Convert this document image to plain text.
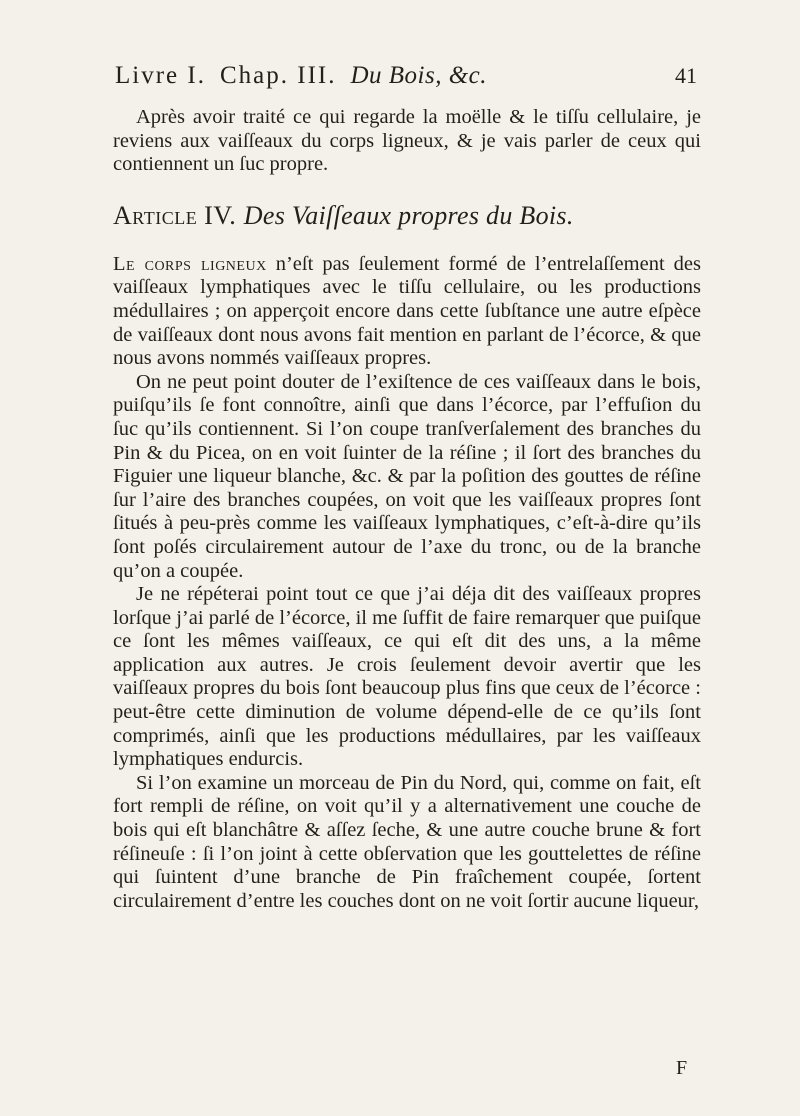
Livre I. Chap. III. Du Bois, &c.	41

Après avoir traité ce qui regarde la moëlle & le tiſſu cellulaire, je reviens aux vaiſſeaux du corps ligneux, & je vais parler de ceux qui contiennent un ſuc propre.

Article IV. Des Vaiſſeaux propres du Bois.

Le corps ligneux n’eſt pas ſeulement formé de l’entrelaſſement des vaiſſeaux lymphatiques avec le tiſſu cellulaire, ou les productions médullaires ; on apperçoit encore dans cette ſubſtance une autre eſpèce de vaiſſeaux dont nous avons fait mention en parlant de l’écorce, & que nous avons nommés vaiſſeaux propres.

On ne peut point douter de l’exiſtence de ces vaiſſeaux dans le bois, puiſqu’ils ſe font connoître, ainſi que dans l’écorce, par l’effuſion du ſuc qu’ils contiennent. Si l’on coupe tranſverſalement des branches du Pin & du Picea, on en voit ſuinter de la réſine ; il ſort des branches du Figuier une liqueur blanche, &c. & par la poſition des gouttes de réſine ſur l’aire des branches coupées, on voit que les vaiſſeaux propres ſont ſitués à peu-près comme les vaiſſeaux lymphatiques, c’eſt-à-dire qu’ils ſont poſés circulairement autour de l’axe du tronc, ou de la branche qu’on a coupée.

Je ne répéterai point tout ce que j’ai déja dit des vaiſſeaux propres lorſque j’ai parlé de l’écorce, il me ſuffit de faire remarquer que puiſque ce ſont les mêmes vaiſſeaux, ce qui eſt dit des uns, a la même application aux autres. Je crois ſeulement devoir avertir que les vaiſſeaux propres du bois ſont beaucoup plus fins que ceux de l’écorce : peut-être cette diminution de volume dépend-elle de ce qu’ils ſont comprimés, ainſi que les productions médullaires, par les vaiſſeaux lymphatiques endurcis.

Si l’on examine un morceau de Pin du Nord, qui, comme on fait, eſt fort rempli de réſine, on voit qu’il y a alternativement une couche de bois qui eſt blanchâtre & aſſez ſeche, & une autre couche brune & fort réſineuſe : ſi l’on joint à cette obſervation que les gouttelettes de réſine qui ſuintent d’une branche de Pin fraîchement coupée, ſortent circulairement d’entre les couches dont on ne voit ſortir aucune liqueur,

F
